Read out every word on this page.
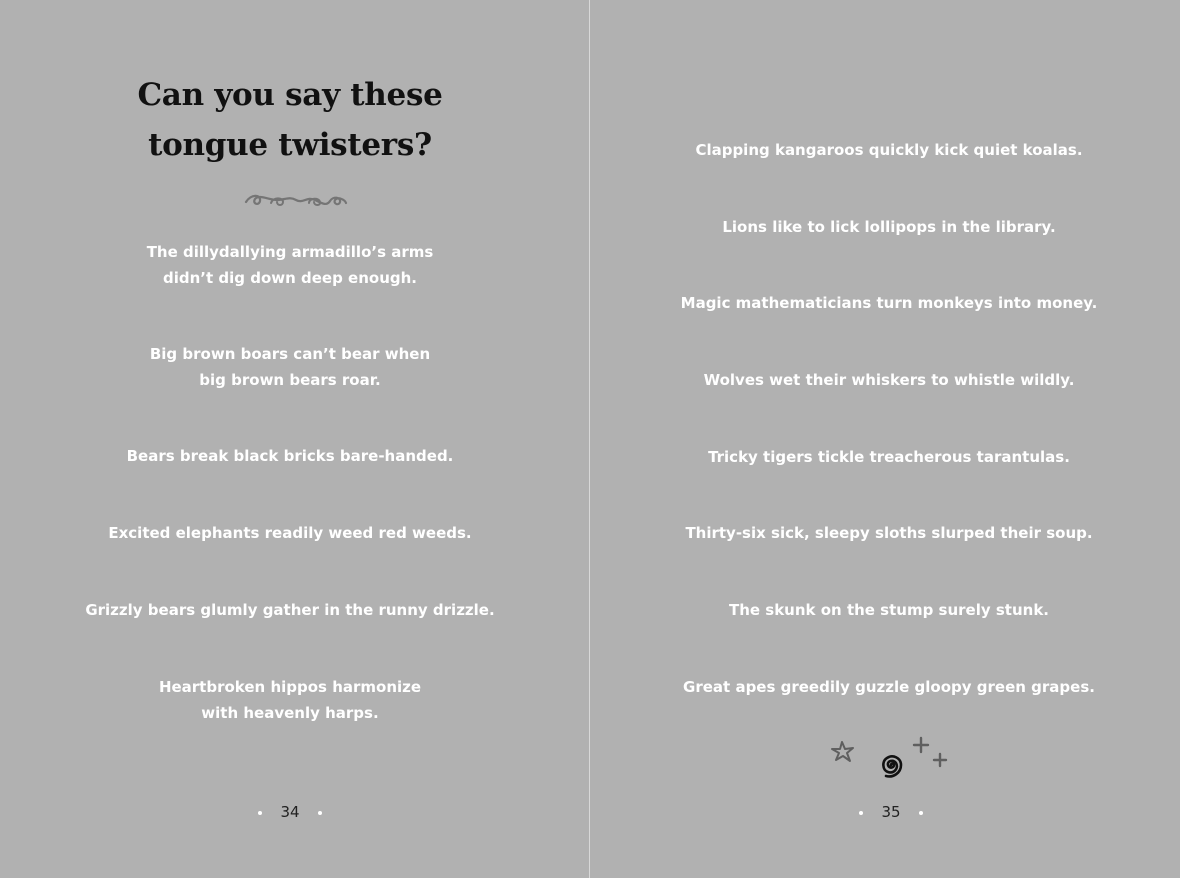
Can you say these
tongue twisters?
The dillydallying armadillo’s arms
didn’t dig down deep enough.
Big brown boars can’t bear when
big brown bears roar.
Bears break black bricks bare-handed.
Excited elephants readily weed red weeds.
Grizzly bears glumly gather in the runny drizzle.
Heartbroken hippos harmonize
with heavenly harps.
34
Clapping kangaroos quickly kick quiet koalas.
Lions like to lick lollipops in the library.
Magic mathematicians turn monkeys into money.
Wolves wet their whiskers to whistle wildly.
Tricky tigers tickle treacherous tarantulas.
Thirty-six sick, sleepy sloths slurped their soup.
The skunk on the stump surely stunk.
Great apes greedily guzzle gloopy green grapes.
35
